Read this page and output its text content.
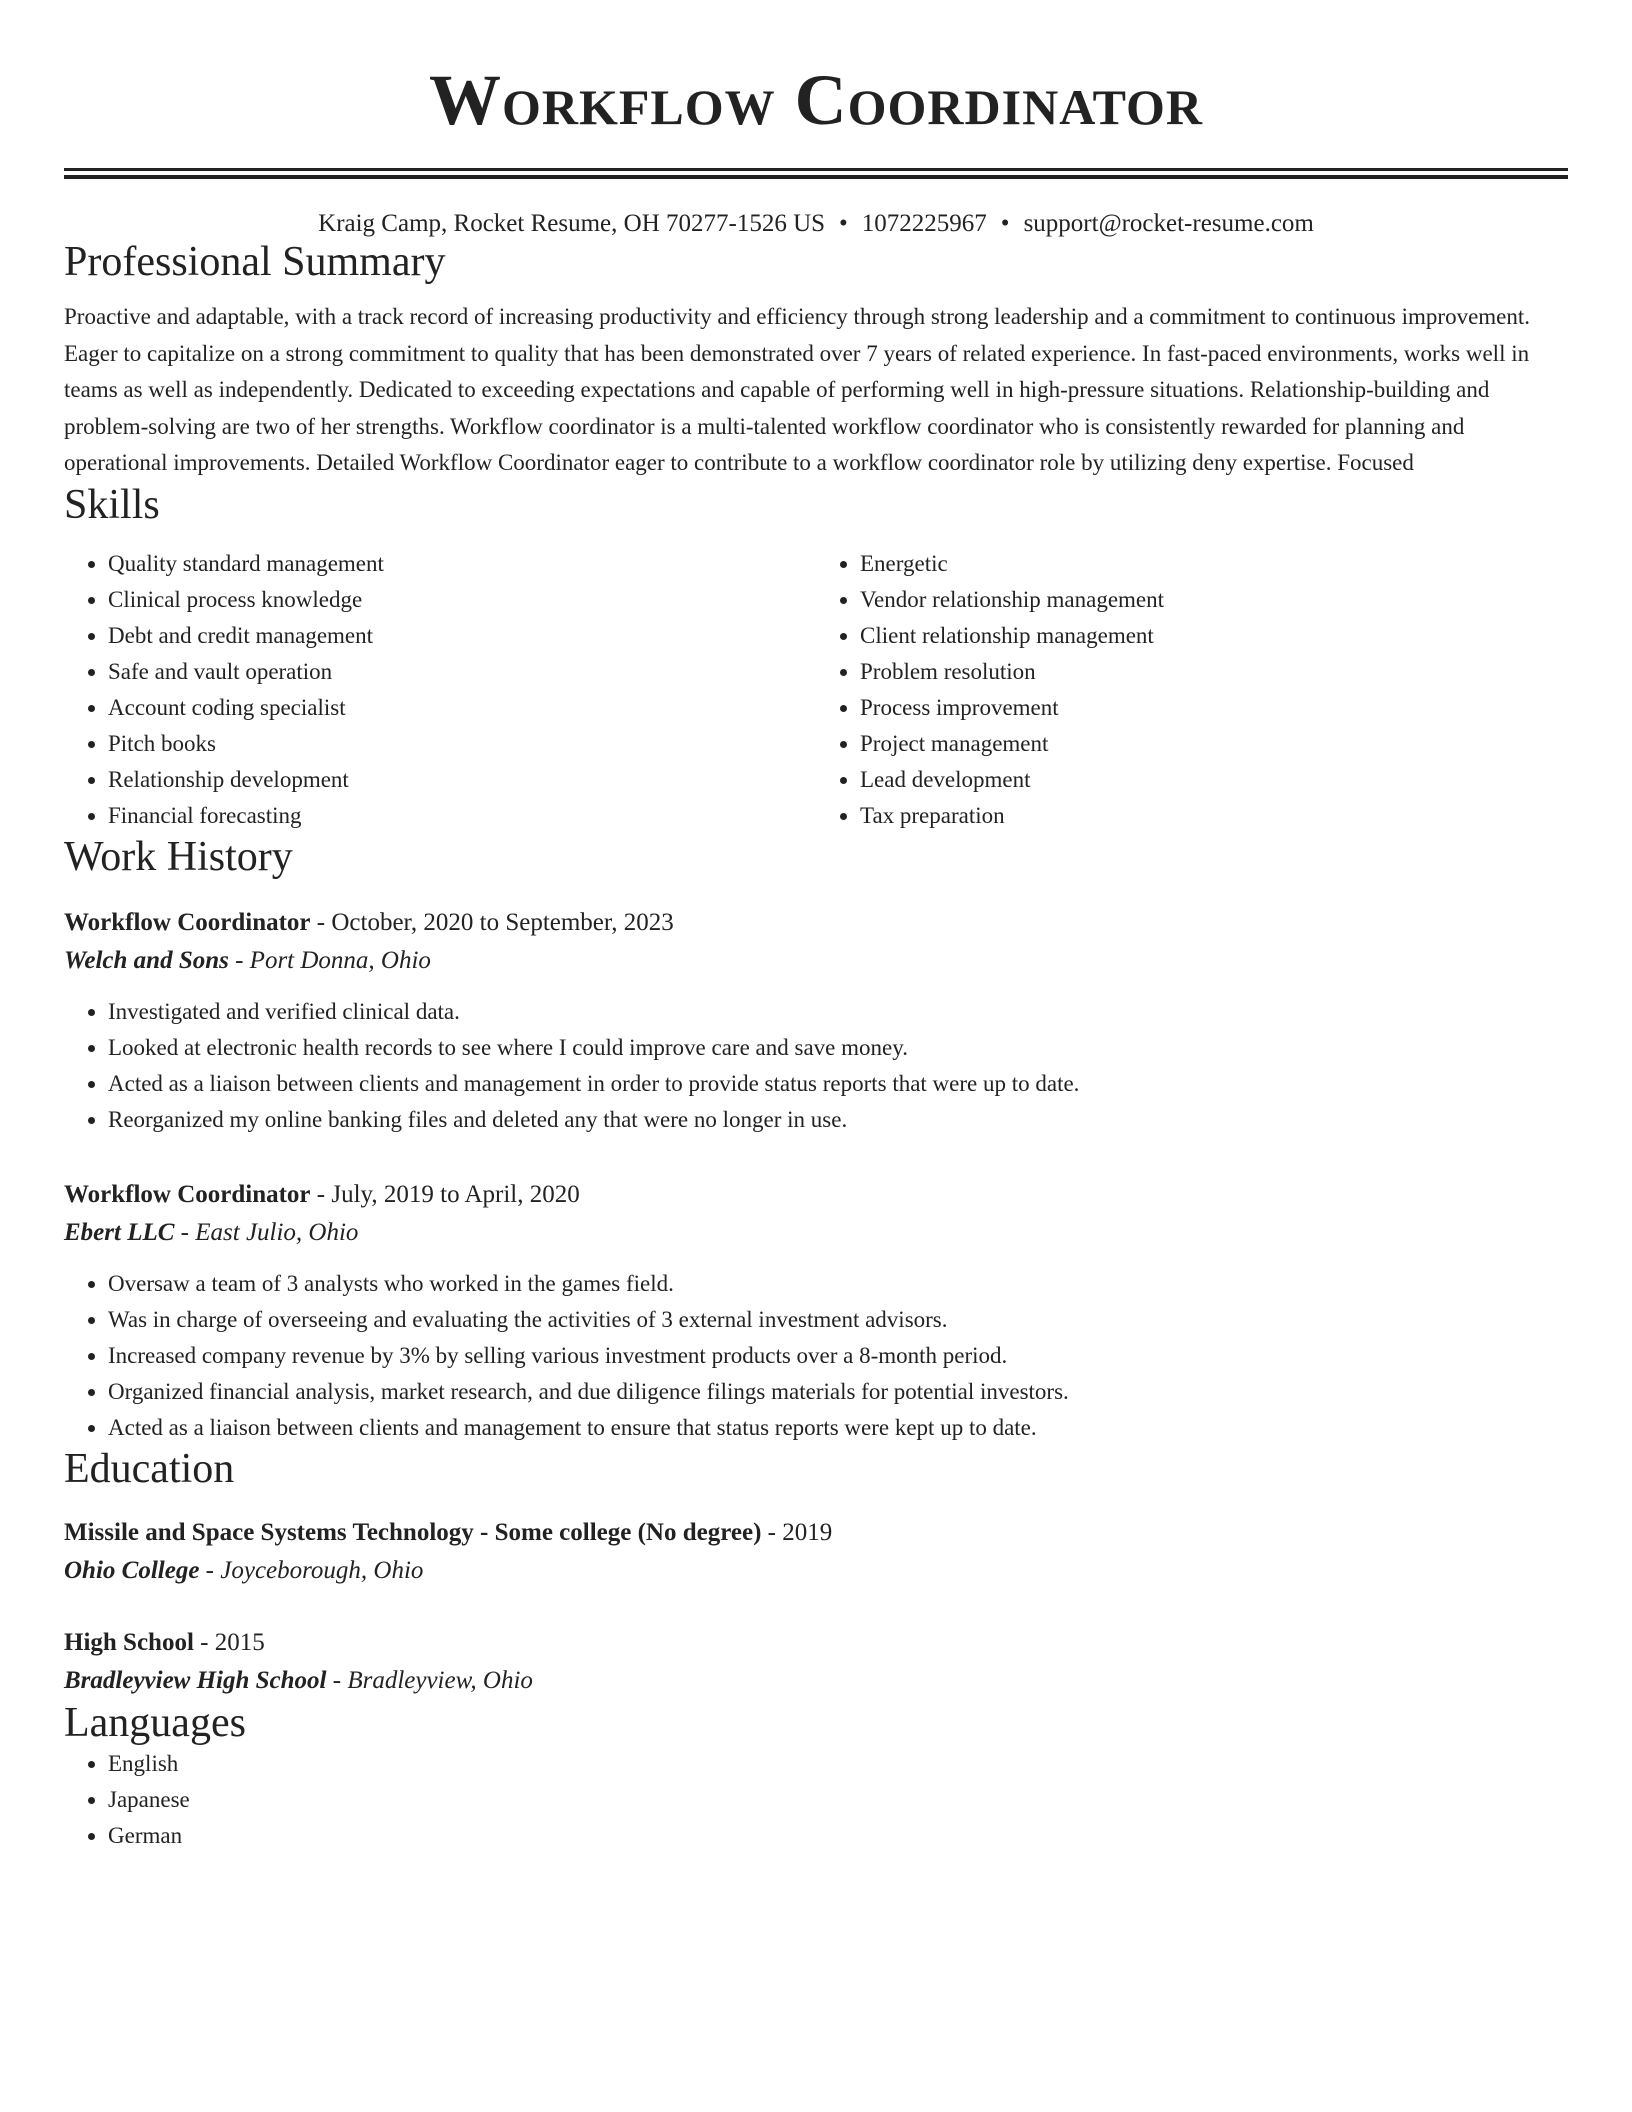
Workflow Coordinator
Kraig Camp, Rocket Resume, OH 70277-1526 US • 1072225967 • support@rocket-resume.com
Professional Summary
Proactive and adaptable, with a track record of increasing productivity and efficiency through strong leadership and a commitment to continuous improvement. Eager to capitalize on a strong commitment to quality that has been demonstrated over 7 years of related experience. In fast-paced environments, works well in teams as well as independently. Dedicated to exceeding expectations and capable of performing well in high-pressure situations. Relationship-building and problem-solving are two of her strengths. Workflow coordinator is a multi-talented workflow coordinator who is consistently rewarded for planning and operational improvements. Detailed Workflow Coordinator eager to contribute to a workflow coordinator role by utilizing deny expertise. Focused
Skills
• Quality standard management
• Clinical process knowledge
• Debt and credit management
• Safe and vault operation
• Account coding specialist
• Pitch books
• Relationship development
• Financial forecasting
• Energetic
• Vendor relationship management
• Client relationship management
• Problem resolution
• Process improvement
• Project management
• Lead development
• Tax preparation
Work History
Workflow Coordinator - October, 2020 to September, 2023
Welch and Sons - Port Donna, Ohio
• Investigated and verified clinical data.
• Looked at electronic health records to see where I could improve care and save money.
• Acted as a liaison between clients and management in order to provide status reports that were up to date.
• Reorganized my online banking files and deleted any that were no longer in use.
Workflow Coordinator - July, 2019 to April, 2020
Ebert LLC - East Julio, Ohio
• Oversaw a team of 3 analysts who worked in the games field.
• Was in charge of overseeing and evaluating the activities of 3 external investment advisors.
• Increased company revenue by 3% by selling various investment products over a 8-month period.
• Organized financial analysis, market research, and due diligence filings materials for potential investors.
• Acted as a liaison between clients and management to ensure that status reports were kept up to date.
Education
Missile and Space Systems Technology - Some college (No degree) - 2019
Ohio College - Joyceborough, Ohio
High School - 2015
Bradleyview High School - Bradleyview, Ohio
Languages
• English
• Japanese
• German
